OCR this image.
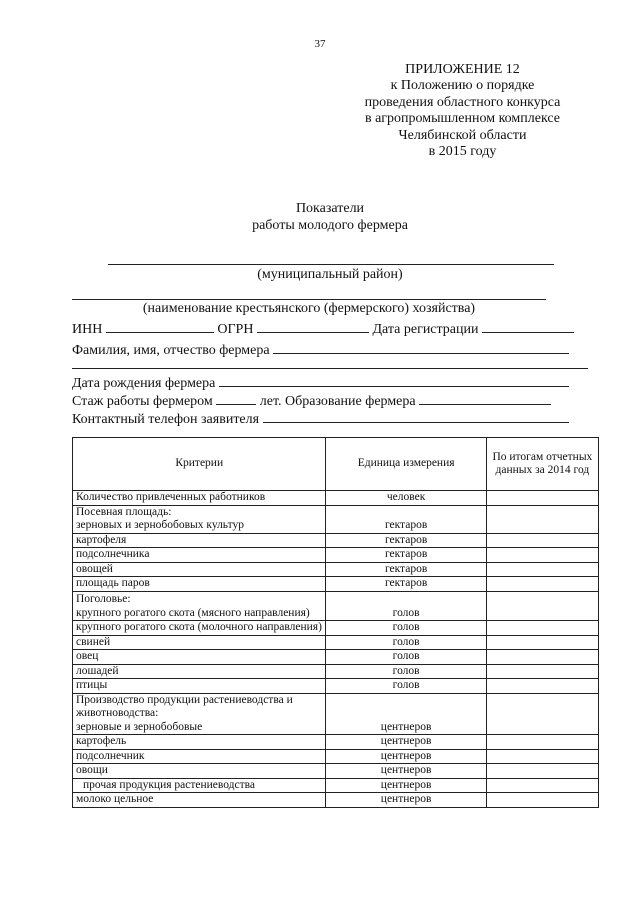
37
ПРИЛОЖЕНИЕ 12
к Положению о порядке
проведения областного конкурса
в агропромышленном комплексе
Челябинской области
в 2015 году
Показатели
работы молодого фермера
(муниципальный район)
(наименование крестьянского (фермерского) хозяйства)
ИНН	ОГРН	Дата регистрации
Фамилия, имя, отчество фермера
Дата рождения фермера
Стаж работы фермером	лет. Образование фермера
Контактный телефон заявителя
Критерии	Единица измерения	По итогам отчетных данных за 2014 год
Количество привлеченных работников	человек	

Посевная площадь:
зерновых и зернобобовых культур	гектаров	
картофеля	гектаров	
подсолнечника	гектаров	
овощей	гектаров	
площадь паров	гектаров	

Поголовье:
крупного рогатого скота (мясного направления)	голов	
крупного рогатого скота (молочного направления)	голов	
свиней	голов	
овец	голов	
лошадей	голов	
птицы	голов	

Производство продукции растениеводства и животноводства:
зерновые и зернобобовые	центнеров	
картофель	центнеров	
подсолнечник	центнеров	
овощи	центнеров	
прочая продукция растениеводства	центнеров	
молоко цельное	центнеров	
